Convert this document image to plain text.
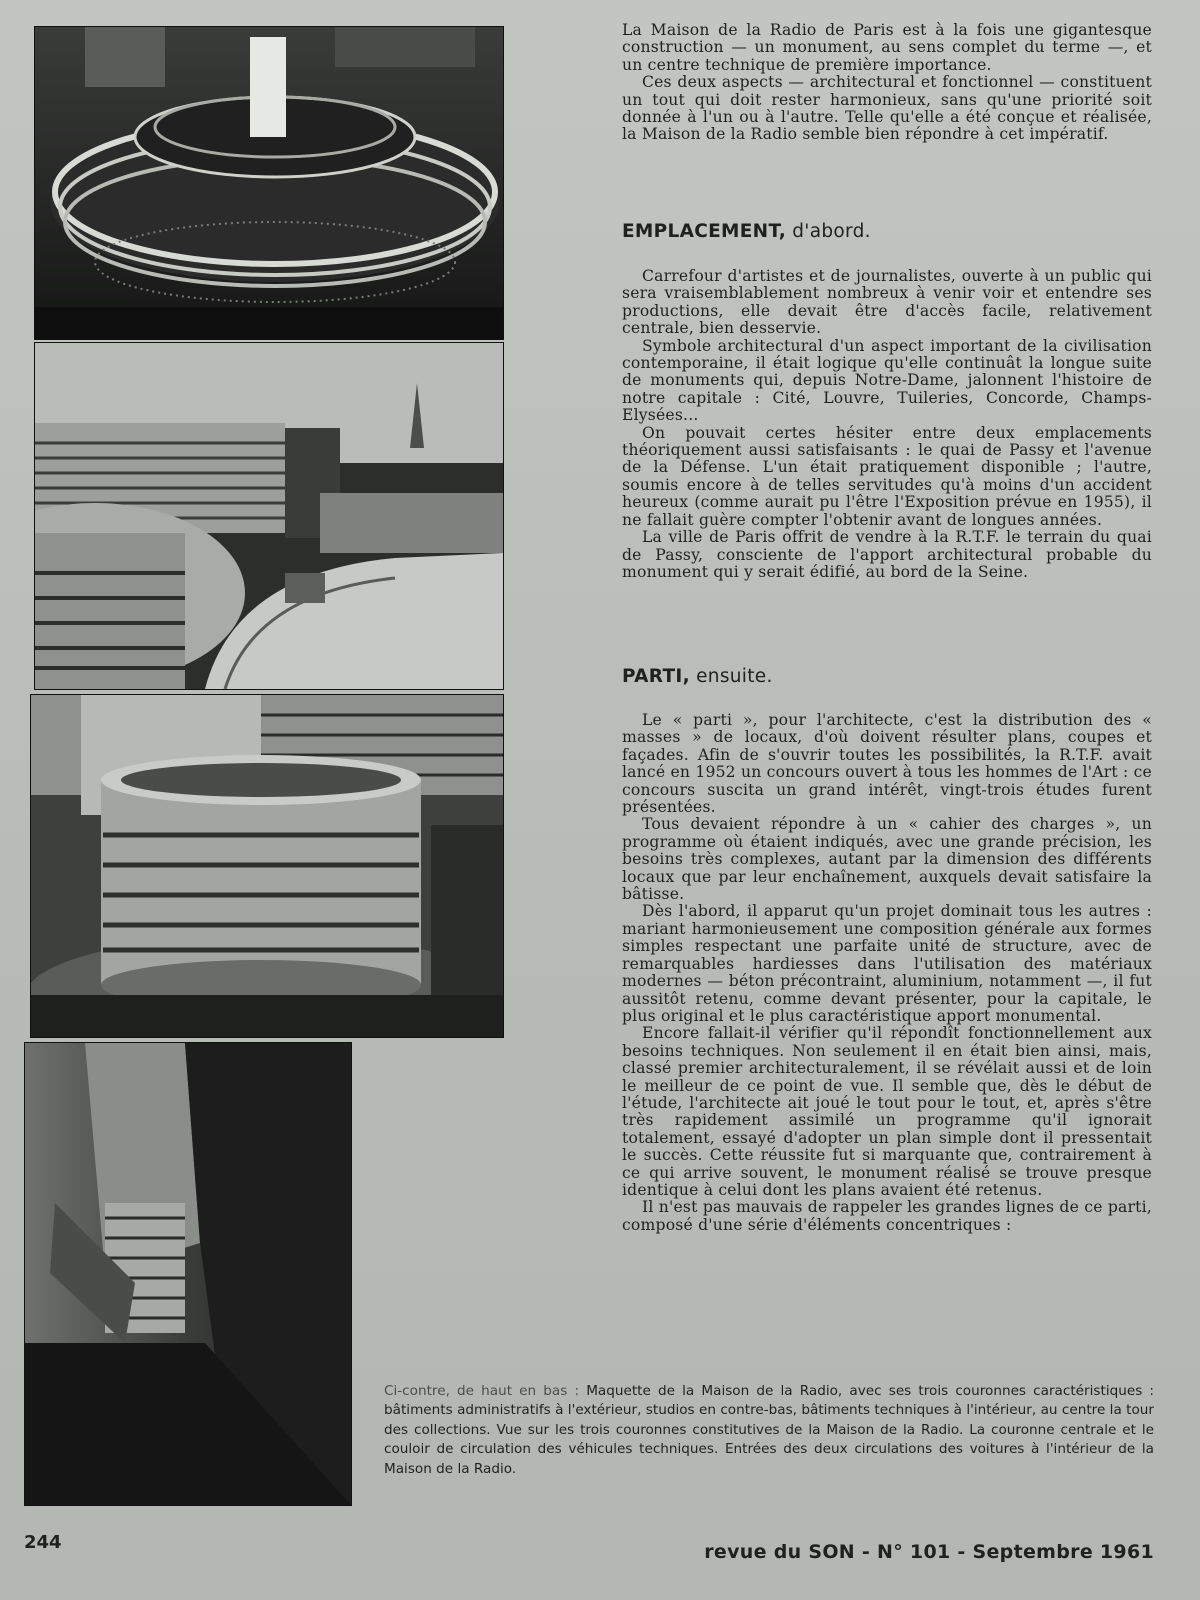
La Maison de la Radio de Paris est à la fois une gigantesque construction — un monument, au sens complet du terme —, et un centre technique de première importance.

Ces deux aspects — architectural et fonctionnel — constituent un tout qui doit rester harmonieux, sans qu'une priorité soit donnée à l'un ou à l'autre. Telle qu'elle a été conçue et réalisée, la Maison de la Radio semble bien répondre à cet impératif.

EMPLACEMENT, d'abord.

Carrefour d'artistes et de journalistes, ouverte à un public qui sera vraisemblablement nombreux à venir voir et entendre ses productions, elle devait être d'accès facile, relativement centrale, bien desservie.

Symbole architectural d'un aspect important de la civilisation contemporaine, il était logique qu'elle continuât la longue suite de monuments qui, depuis Notre-Dame, jalonnent l'histoire de notre capitale : Cité, Louvre, Tuileries, Concorde, Champs-Elysées...

On pouvait certes hésiter entre deux emplacements théoriquement aussi satisfaisants : le quai de Passy et l'avenue de la Défense. L'un était pratiquement disponible ; l'autre, soumis encore à de telles servitudes qu'à moins d'un accident heureux (comme aurait pu l'être l'Exposition prévue en 1955), il ne fallait guère compter l'obtenir avant de longues années.

La ville de Paris offrit de vendre à la R.T.F. le terrain du quai de Passy, consciente de l'apport architectural probable du monument qui y serait édifié, au bord de la Seine.

PARTI, ensuite.

Le « parti », pour l'architecte, c'est la distribution des « masses » de locaux, d'où doivent résulter plans, coupes et façades. Afin de s'ouvrir toutes les possibilités, la R.T.F. avait lancé en 1952 un concours ouvert à tous les hommes de l'Art : ce concours suscita un grand intérêt, vingt-trois études furent présentées.

Tous devaient répondre à un « cahier des charges », un programme où étaient indiqués, avec une grande précision, les besoins très complexes, autant par la dimension des différents locaux que par leur enchaînement, auxquels devait satisfaire la bâtisse.

Dès l'abord, il apparut qu'un projet dominait tous les autres : mariant harmonieusement une composition générale aux formes simples respectant une parfaite unité de structure, avec de remarquables hardiesses dans l'utilisation des matériaux modernes — béton précontraint, aluminium, notamment —, il fut aussitôt retenu, comme devant présenter, pour la capitale, le plus original et le plus caractéristique apport monumental.

Encore fallait-il vérifier qu'il répondît fonctionnellement aux besoins techniques. Non seulement il en était bien ainsi, mais, classé premier architecturalement, il se révélait aussi et de loin le meilleur de ce point de vue. Il semble que, dès le début de l'étude, l'architecte ait joué le tout pour le tout, et, après s'être très rapidement assimilé un programme qu'il ignorait totalement, essayé d'adopter un plan simple dont il pressentait le succès. Cette réussite fut si marquante que, contrairement à ce qui arrive souvent, le monument réalisé se trouve presque identique à celui dont les plans avaient été retenus.

Il n'est pas mauvais de rappeler les grandes lignes de ce parti, composé d'une série d'éléments concentriques :

Ci-contre, de haut en bas : Maquette de la Maison de la Radio, avec ses trois couronnes caractéristiques : bâtiments administratifs à l'extérieur, studios en contre-bas, bâtiments techniques à l'intérieur, au centre la tour des collections. Vue sur les trois couronnes constitutives de la Maison de la Radio. La couronne centrale et le couloir de circulation des véhicules techniques. Entrées des deux circulations des voitures à l'intérieur de la Maison de la Radio.

244	revue du SON - N° 101 - Septembre 1961
